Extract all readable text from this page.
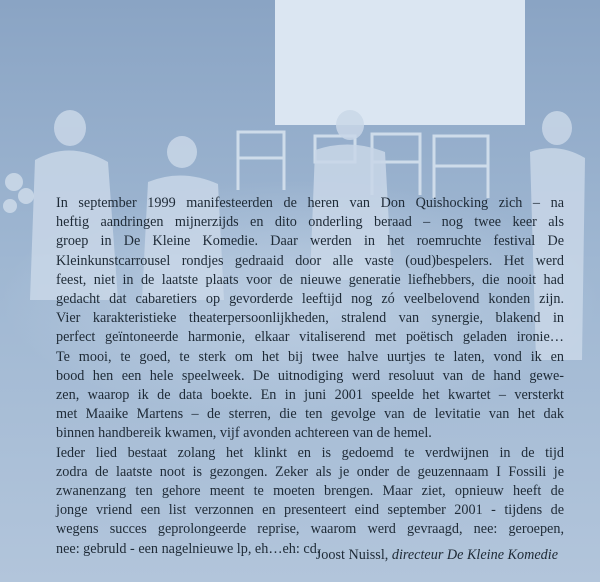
In september 1999 manifesteerden de heren van Don Quishocking zich – na
heftig aandringen mijnerzijds en dito onderling beraad – nog twee keer als
groep in De Kleine Komedie. Daar werden in het roemruchte festival De
Kleinkunstcarrousel rondjes gedraaid door alle vaste (oud)bespelers. Het werd
feest, niet in de laatste plaats voor de nieuwe generatie liefhebbers, die nooit had
gedacht dat cabaretiers op gevorderde leeftijd nog zó veelbelovend konden zijn.
Vier karakteristieke theaterpersoonlijkheden, stralend van synergie, blakend in
perfect geïntoneerde harmonie, elkaar vitaliserend met poëtisch geladen ironie…
Te mooi, te goed, te sterk om het bij twee halve uurtjes te laten, vond ik en
bood hen een hele speelweek. De uitnodiging werd resoluut van de hand gewe-
zen, waarop ik de data boekte. En in juni 2001 speelde het kwartet – versterkt
met Maaike Martens – de sterren, die ten gevolge van de levitatie van het dak
binnen handbereik kwamen, vijf avonden achtereen van de hemel.

Ieder lied bestaat zolang het klinkt en is gedoemd te verdwijnen in de tijd
zodra de laatste noot is gezongen. Zeker als je onder de geuzennaam I Fossili je
zwanenzang ten gehore meent te moeten brengen. Maar ziet, opnieuw heeft de
jonge vriend een list verzonnen en presenteert eind september 2001 - tijdens de
wegens succes geprolongeerde reprise, waarom werd gevraagd, nee: geroepen,
nee: gebruld - een nagelnieuwe lp, eh…eh: cd.

Joost Nuissl, directeur De Kleine Komedie
